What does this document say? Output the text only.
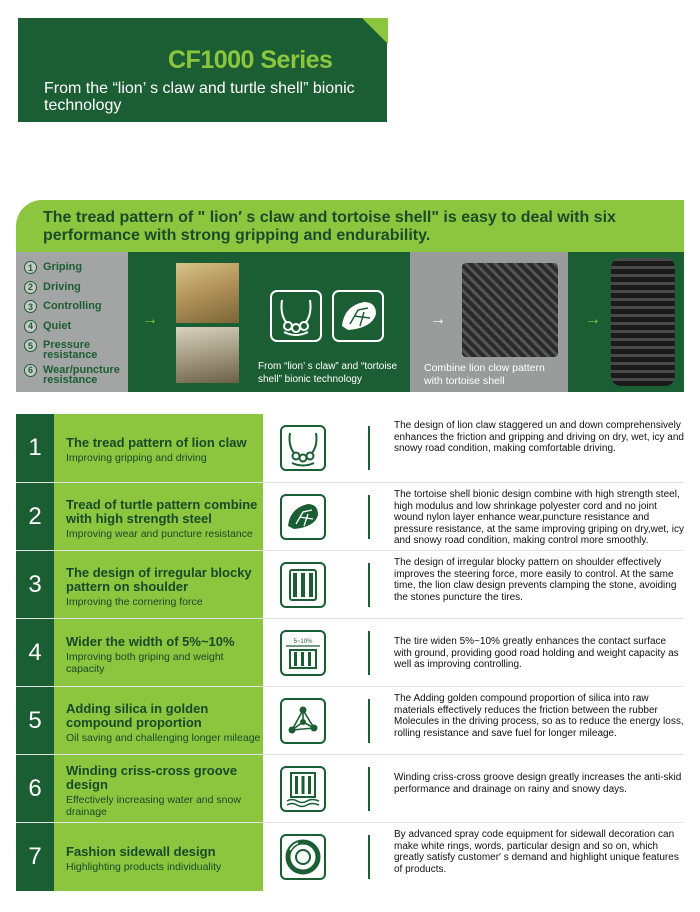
CF1000 Series
From the “lion’ s claw and turtle shell” bionic technology
The tread pattern of " lion′ s claw and tortoise shell" is easy to deal with six performance with strong gripping and endurability.
1 Griping
2 Driving
3 Controlling
4 Quiet
5 Pressure resistance
6 Wear/puncture resistance
→
From “lion’ s claw” and “tortoise shell” bionic technology
→
Combine lion clow pattern with tortoise shell
→
1	The tread pattern of lion claw
Improving gripping and driving
The design of lion claw staggered un and down comprehensively enhances the friction and gripping and driving on dry, wet, icy and snowy road condition, making comfortable driving.
2	Tread of turtle pattern combine with high strength steel
Improving wear and puncture resistance
The tortoise shell bionic design combine with high strength steel, high modulus and low shrinkage polyester cord and no joint wound nylon layer enhance wear,puncture resistance and pressure resistance, at the same improving griping on dry,wet, icy and snowy road condition, making control more smoothly.
3	The design of irregular blocky pattern on shoulder
Improving the cornering force
The design of irregular blocky pattern on shoulder effectively improves the steering force, more easily to control. At the same time, the lion claw design prevents clamping the stone, avoiding the stones puncture the tires.
4	Wider the width of 5%~10%
Improving both griping and weight capacity
5~10%	The tire widen 5%~10% greatly enhances the contact surface with ground, providing good road holding and weight capacity as well as improving controlling.
5	Adding silica in golden compound proportion
Oil saving and challenging longer mileage
The Adding golden compound proportion of silica into raw materials effectively reduces the friction between the rubber Molecules in the driving process, so as to reduce the energy loss, rolling resistance and save fuel for longer mileage.
6
Winding criss-cross groove design
Effectively increasing water and snow drainage
Winding criss-cross groove design greatly increases the anti-skid performance and drainage on rainy and snowy days.
7	Fashion sidewall design
Highlighting products individuality
By advanced spray code equipment for sidewall decoration can make white rings, words, particular design and so on, which greatly satisfy customer′ s demand and highlight unique features of products.
